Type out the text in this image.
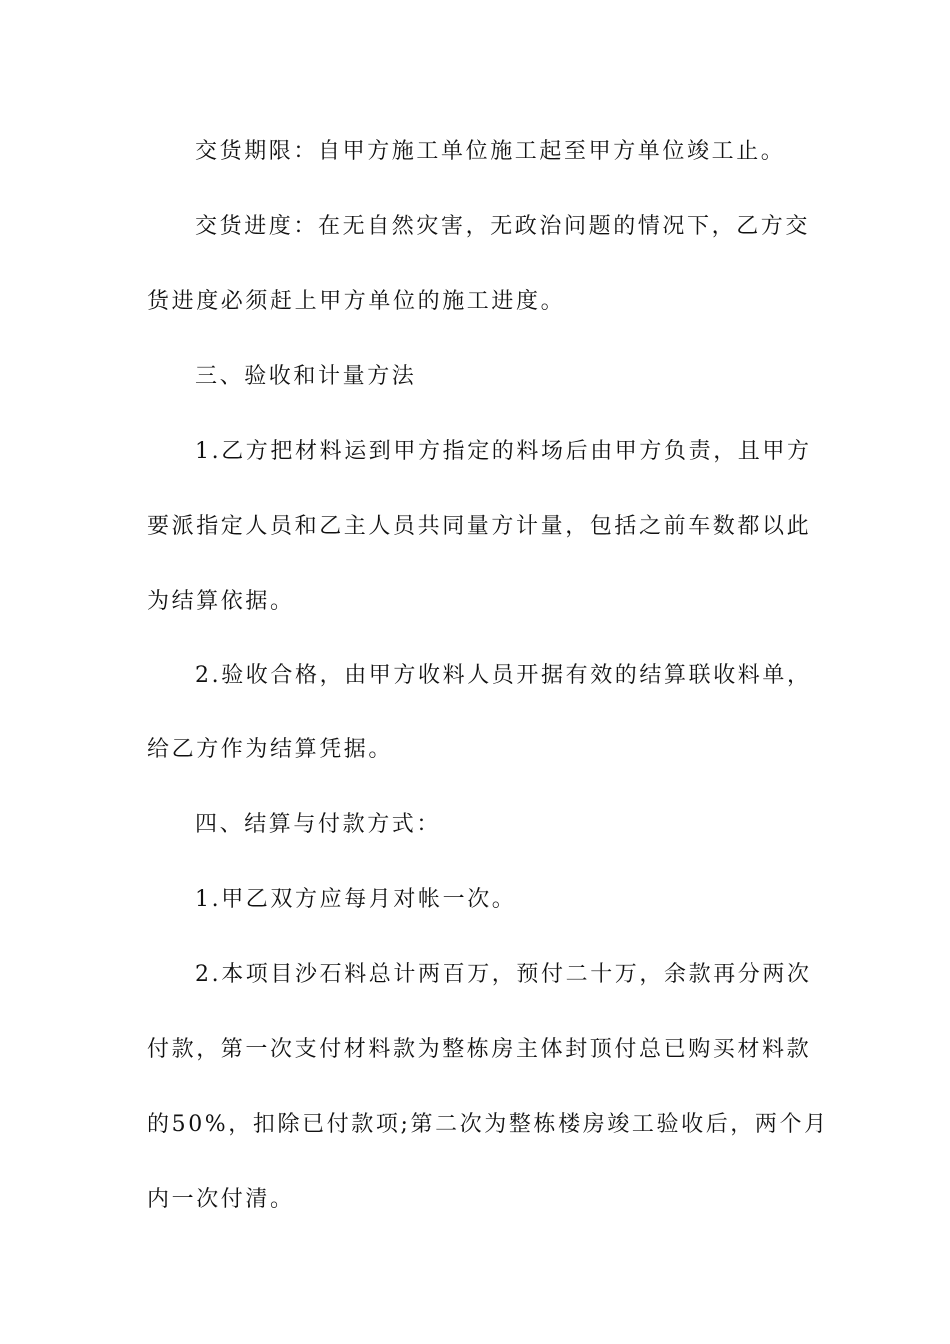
交货期限：自甲方施工单位施工起至甲方单位竣工止。
交货进度：在无自然灾害，无政治问题的情况下，乙方交
货进度必须赶上甲方单位的施工进度。
三、验收和计量方法
1.乙方把材料运到甲方指定的料场后由甲方负责，且甲方
要派指定人员和乙主人员共同量方计量，包括之前车数都以此
为结算依据。
2.验收合格，由甲方收料人员开据有效的结算联收料单，
给乙方作为结算凭据。
四、结算与付款方式：
1.甲乙双方应每月对帐一次。
2.本项目沙石料总计两百万，预付二十万，余款再分两次
付款，第一次支付材料款为整栋房主体封顶付总已购买材料款
的50%，扣除已付款项;第二次为整栋楼房竣工验收后，两个月
内一次付清。
